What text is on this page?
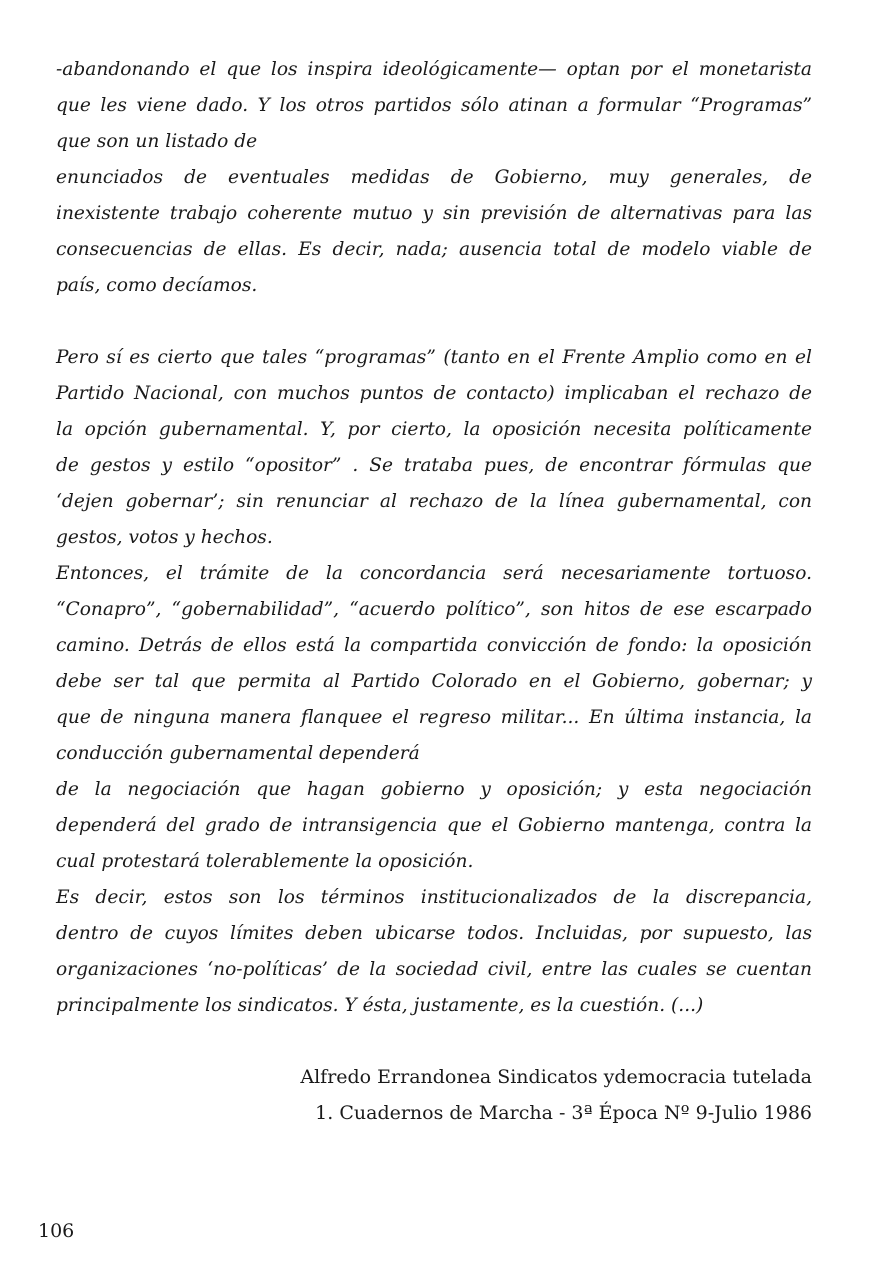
-abandonando el que los inspira ideológicamente— optan por el monetarista
que les viene dado. Y los otros partidos sólo atinan a formular “Programas”
que son un listado de
enunciados de eventuales medidas de Gobierno, muy generales, de
inexistente trabajo coherente mutuo y sin previsión de alternativas para las
consecuencias de ellas. Es decir, nada; ausencia total de modelo viable de
país, como decíamos.
Pero sí es cierto que tales “programas” (tanto en el Frente Amplio como en el
Partido Nacional, con muchos puntos de contacto) implicaban el rechazo de
la opción gubernamental. Y, por cierto, la oposición necesita políticamente
de gestos y estilo “opositor” . Se trataba pues, de encontrar fórmulas que
‘dejen gobernar’; sin renunciar al rechazo de la línea gubernamental, con
gestos, votos y hechos.
Entonces, el trámite de la concordancia será necesariamente tortuoso.
“Conapro”, “gobernabilidad”, “acuerdo político”, son hitos de ese escarpado
camino. Detrás de ellos está la compartida convicción de fondo: la oposición
debe ser tal que permita al Partido Colorado en el Gobierno, gobernar; y
que de ninguna manera flanquee el regreso militar... En última instancia, la
conducción gubernamental dependerá
de la negociación que hagan gobierno y oposición; y esta negociación
dependerá del grado de intransigencia que el Gobierno mantenga, contra la
cual protestará tolerablemente la oposición.
Es decir, estos son los términos institucionalizados de la discrepancia,
dentro de cuyos límites deben ubicarse todos. Incluidas, por supuesto, las
organizaciones ‘no-políticas’ de la sociedad civil, entre las cuales se cuentan
principalmente los sindicatos. Y ésta, justamente, es la cuestión. (...)
Alfredo Errandonea Sindicatos ydemocracia tutelada
1. Cuadernos de Marcha - 3ª Época Nº 9-Julio 1986
106
